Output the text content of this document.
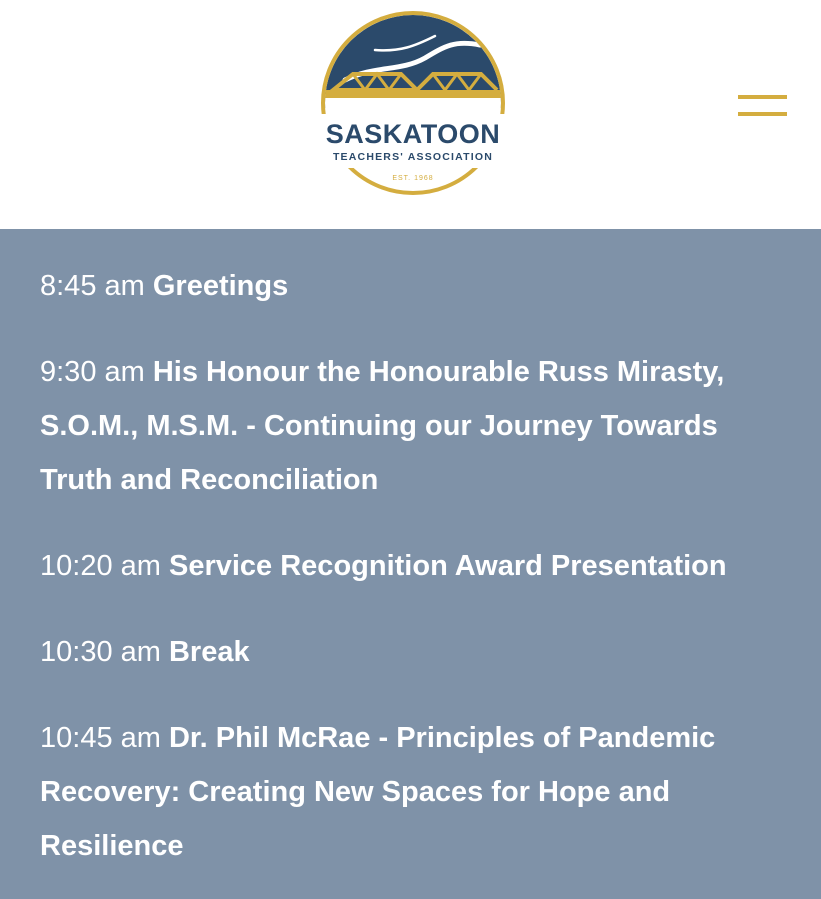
SASKATOON
TEACHERS' ASSOCIATION
EST. 1968
8:45 am Greetings
9:30 am His Honour the Honourable Russ Mirasty, S.O.M., M.S.M. - Continuing our Journey Towards Truth and Reconciliation
10:20 am Service Recognition Award Presentation
10:30 am Break
10:45 am Dr. Phil McRae - Principles of Pandemic Recovery: Creating New Spaces for Hope and Resilience
